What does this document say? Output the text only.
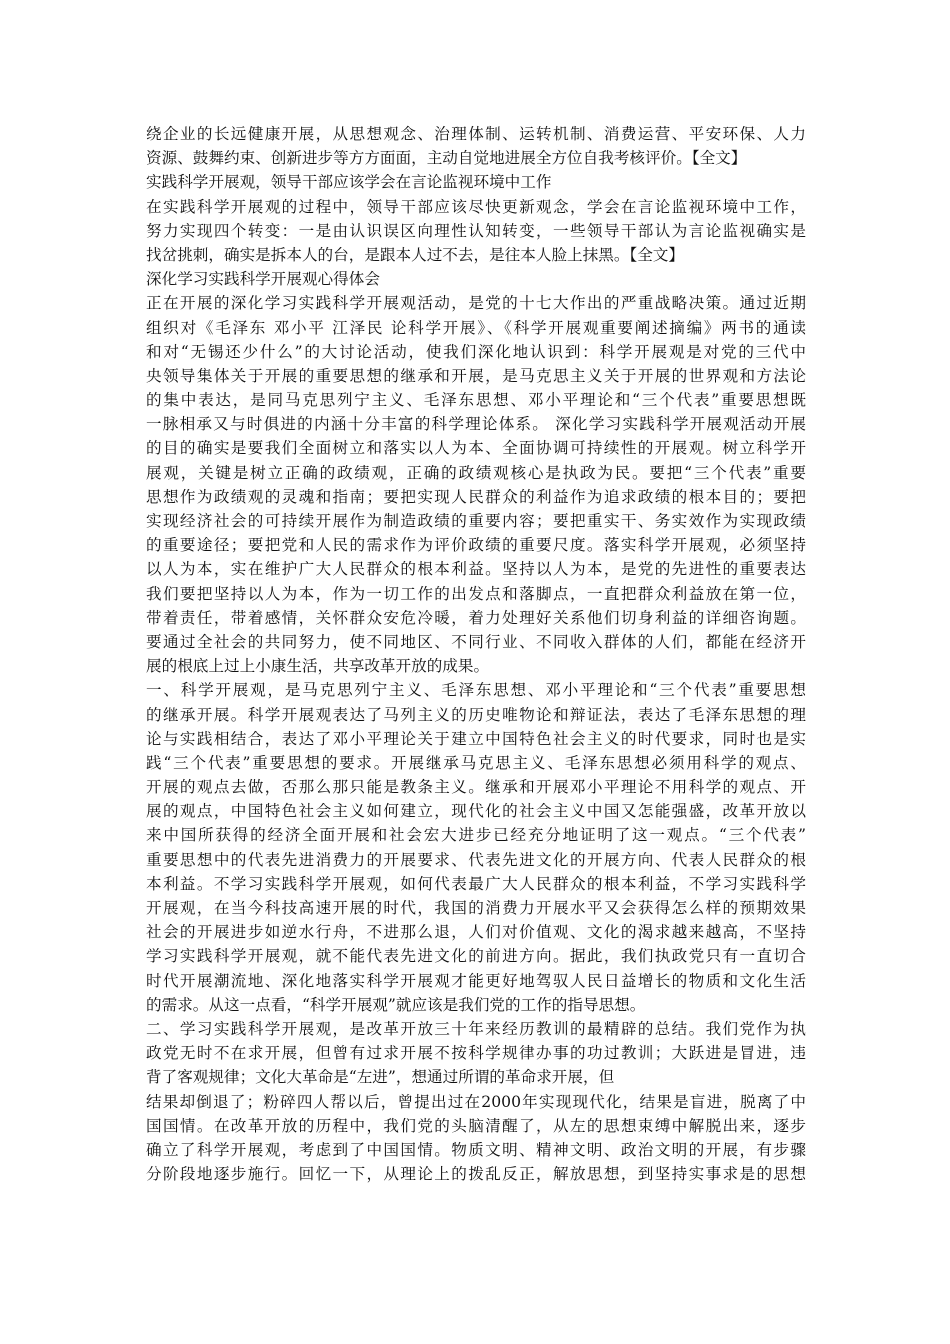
绕企业的长远健康开展，从思想观念、治理体制、运转机制、消费运营、平安环保、人力
资源、鼓舞约束、创新进步等方方面面，主动自觉地进展全方位自我考核评价。【全文】
实践科学开展观，领导干部应该学会在言论监视环境中工作
在实践科学开展观的过程中，领导干部应该尽快更新观念，学会在言论监视环境中工作，
努力实现四个转变：一是由认识误区向理性认知转变，一些领导干部认为言论监视确实是
找岔挑刺，确实是拆本人的台，是跟本人过不去，是往本人脸上抹黑。【全文】
深化学习实践科学开展观心得体会
正在开展的深化学习实践科学开展观活动，是党的十七大作出的严重战略决策。通过近期
组织对《毛泽东 邓小平 江泽民 论科学开展》、《科学开展观重要阐述摘编》两书的通读
和对“无锡还少什么”的大讨论活动，使我们深化地认识到：科学开展观是对党的三代中
央领导集体关于开展的重要思想的继承和开展，是马克思主义关于开展的世界观和方法论
的集中表达，是同马克思列宁主义、毛泽东思想、邓小平理论和“三个代表”重要思想既
一脉相承又与时俱进的内涵十分丰富的科学理论体系。 深化学习实践科学开展观活动开展
的目的确实是要我们全面树立和落实以人为本、全面协调可持续性的开展观。树立科学开
展观，关键是树立正确的政绩观，正确的政绩观核心是执政为民。要把“三个代表”重要
思想作为政绩观的灵魂和指南；要把实现人民群众的利益作为追求政绩的根本目的；要把
实现经济社会的可持续开展作为制造政绩的重要内容；要把重实干、务实效作为实现政绩
的重要途径；要把党和人民的需求作为评价政绩的重要尺度。落实科学开展观，必须坚持
以人为本，实在维护广大人民群众的根本利益。坚持以人为本，是党的先进性的重要表达
我们要把坚持以人为本，作为一切工作的出发点和落脚点，一直把群众利益放在第一位，
带着责任，带着感情，关怀群众安危冷暖，着力处理好关系他们切身利益的详细咨询题。
要通过全社会的共同努力，使不同地区、不同行业、不同收入群体的人们，都能在经济开
展的根底上过上小康生活，共享改革开放的成果。
一、科学开展观，是马克思列宁主义、毛泽东思想、邓小平理论和“三个代表”重要思想
的继承开展。科学开展观表达了马列主义的历史唯物论和辩证法，表达了毛泽东思想的理
论与实践相结合，表达了邓小平理论关于建立中国特色社会主义的时代要求，同时也是实
践“三个代表”重要思想的要求。开展继承马克思主义、毛泽东思想必须用科学的观点、
开展的观点去做，否那么那只能是教条主义。继承和开展邓小平理论不用科学的观点、开
展的观点，中国特色社会主义如何建立，现代化的社会主义中国又怎能强盛，改革开放以
来中国所获得的经济全面开展和社会宏大进步已经充分地证明了这一观点。“三个代表”
重要思想中的代表先进消费力的开展要求、代表先进文化的开展方向、代表人民群众的根
本利益。不学习实践科学开展观，如何代表最广大人民群众的根本利益，不学习实践科学
开展观，在当今科技高速开展的时代，我国的消费力开展水平又会获得怎么样的预期效果
社会的开展进步如逆水行舟，不进那么退，人们对价值观、文化的渴求越来越高，不坚持
学习实践科学开展观，就不能代表先进文化的前进方向。据此，我们执政党只有一直切合
时代开展潮流地、深化地落实科学开展观才能更好地驾驭人民日益增长的物质和文化生活
的需求。从这一点看，“科学开展观”就应该是我们党的工作的指导思想。
二、学习实践科学开展观，是改革开放三十年来经历教训的最精辟的总结。我们党作为执
政党无时不在求开展，但曾有过求开展不按科学规律办事的功过教训；大跃进是冒进，违
背了客观规律；文化大革命是“左进”，想通过所谓的革命求开展，但
结果却倒退了；粉碎四人帮以后，曾提出过在2000年实现现代化，结果是盲进，脱离了中
国国情。在改革开放的历程中，我们党的头脑清醒了，从左的思想束缚中解脱出来，逐步
确立了科学开展观，考虑到了中国国情。物质文明、精神文明、政治文明的开展，有步骤
分阶段地逐步施行。回忆一下，从理论上的拨乱反正，解放思想，到坚持实事求是的思想
